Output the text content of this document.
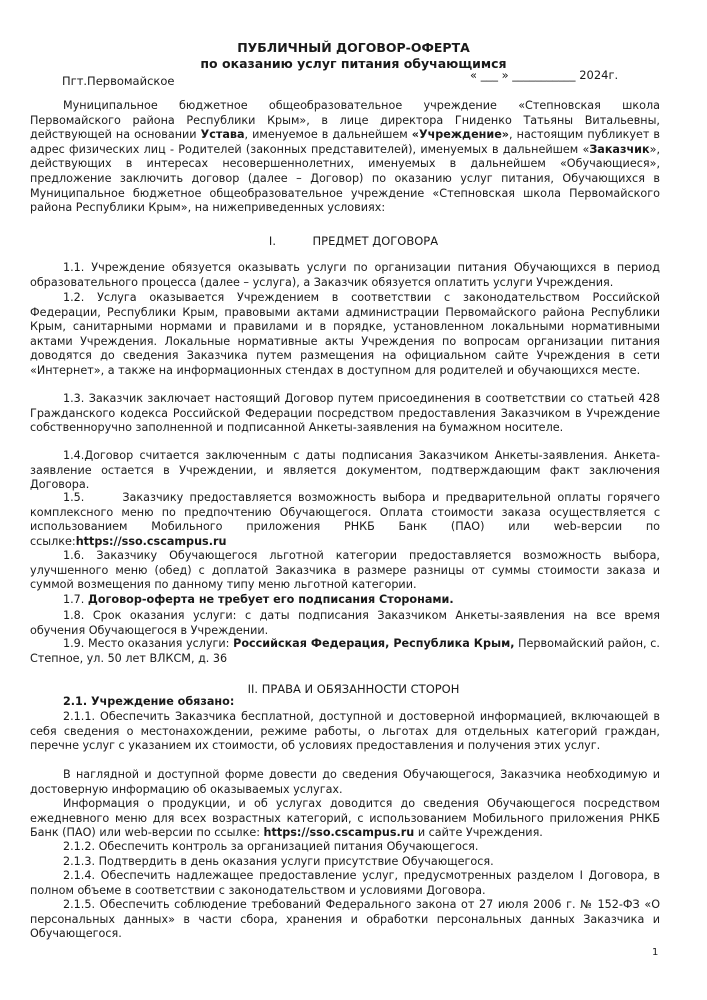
ПУБЛИЧНЫЙ ДОГОВОР-ОФЕРТА
по оказанию услуг питания обучающимся
Пгт.Первомайское	« ___ » ___________ 2024г.

Муниципальное бюджетное общеобразовательное учреждение «Степновская школа Первомайского района Республики Крым», в лице директора Гниденко Татьяны Витальевны, действующей на основании Устава, именуемое в дальнейшем «Учреждение», настоящим публикует в адрес физических лиц - Родителей (законных представителей), именуемых в дальнейшем «Заказчик», действующих в интересах несовершеннолетних, именуемых в дальнейшем «Обучающиеся», предложение заключить договор (далее – Договор) по оказанию услуг питания, Обучающихся в Муниципальное бюджетное общеобразовательное учреждение «Степновская школа Первомайского района Республики Крым», на нижеприведенных условиях:

I.          ПРЕДМЕТ ДОГОВОРА

1.1. Учреждение обязуется оказывать услуги по организации питания Обучающихся в период образовательного процесса (далее – услуга), а Заказчик обязуется оплатить услуги Учреждения.

1.2. Услуга оказывается Учреждением в соответствии с законодательством Российской Федерации, Республики Крым, правовыми актами администрации Первомайского района Республики Крым, санитарными нормами и правилами и в порядке, установленном локальными нормативными актами Учреждения. Локальные нормативные акты Учреждения по вопросам организации питания доводятся до сведения Заказчика путем размещения на официальном сайте Учреждения в сети «Интернет», а также на информационных стендах в доступном для родителей и обучающихся месте.

1.3. Заказчик заключает настоящий Договор путем присоединения в соответствии со статьей 428 Гражданского кодекса Российской Федерации посредством предоставления Заказчиком в Учреждение собственноручно заполненной и подписанной Анкеты-заявления на бумажном носителе.

1.4.Договор считается заключенным с даты подписания Заказчиком Анкеты-заявления. Анкета-заявление остается в Учреждении, и является документом, подтверждающим факт заключения Договора.

1.5.      Заказчику предоставляется возможность выбора и предварительной оплаты горячего комплексного меню по предпочтению Обучающегося. Оплата стоимости заказа осуществляется с использованием Мобильного приложения РНКБ Банк (ПАО) или web-версии по ссылке:https://sso.cscampus.ru

1.6. Заказчику Обучающегося льготной категории предоставляется возможность выбора, улучшенного меню (обед) с доплатой Заказчика в размере разницы от суммы стоимости заказа и суммой возмещения по данному типу меню льготной категории.

1.7. Договор-оферта не требует его подписания Сторонами.

1.8. Срок оказания услуги: с даты подписания Заказчиком Анкеты-заявления на все время обучения Обучающегося в Учреждении.

1.9. Место оказания услуги: Российская Федерация, Республика Крым, Первомайский район, с. Степное, ул. 50 лет ВЛКСМ, д. 36

II. ПРАВА И ОБЯЗАННОСТИ СТОРОН

2.1. Учреждение обязано:

2.1.1. Обеспечить Заказчика бесплатной, доступной и достоверной информацией, включающей в себя сведения о местонахождении, режиме работы, о льготах для отдельных категорий граждан, перечне услуг с указанием их стоимости, об условиях предоставления и получения этих услуг.

В наглядной и доступной форме довести до сведения Обучающегося, Заказчика необходимую и достоверную информацию об оказываемых услугах.

Информация о продукции, и об услугах доводится до сведения Обучающегося посредством ежедневного меню для всех возрастных категорий, с использованием Мобильного приложения РНКБ Банк (ПАО) или web-версии по ссылке: https://sso.cscampus.ru и сайте Учреждения.

2.1.2. Обеспечить контроль за организацией питания Обучающегося.

2.1.3. Подтвердить в день оказания услуги присутствие Обучающегося.

2.1.4. Обеспечить надлежащее предоставление услуг, предусмотренных разделом I Договора, в полном объеме в соответствии с законодательством и условиями Договора.

2.1.5. Обеспечить соблюдение требований Федерального закона от 27 июля 2006 г. № 152-ФЗ «О персональных данных» в части сбора, хранения и обработки персональных данных Заказчика и Обучающегося.

1
